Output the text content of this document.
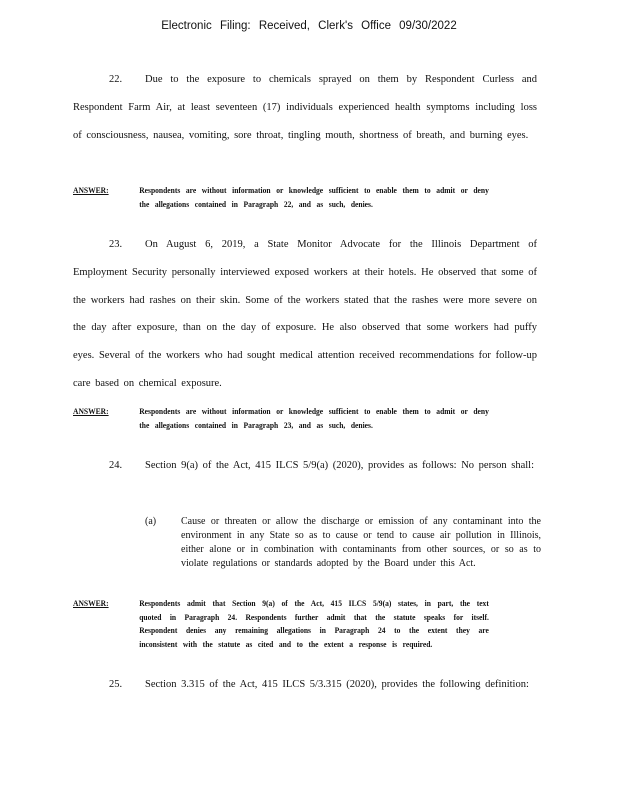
Electronic Filing: Received, Clerk's Office 09/30/2022
22. Due to the exposure to chemicals sprayed on them by Respondent Curless and Respondent Farm Air, at least seventeen (17) individuals experienced health symptoms including loss of consciousness, nausea, vomiting, sore throat, tingling mouth, shortness of breath, and burning eyes.
ANSWER:	Respondents are without information or knowledge sufficient to enable them to admit or deny the allegations contained in Paragraph 22, and as such, denies.
23. On August 6, 2019, a State Monitor Advocate for the Illinois Department of Employment Security personally interviewed exposed workers at their hotels. He observed that some of the workers had rashes on their skin. Some of the workers stated that the rashes were more severe on the day after exposure, than on the day of exposure. He also observed that some workers had puffy eyes. Several of the workers who had sought medical attention received recommendations for follow-up care based on chemical exposure.
ANSWER:	Respondents are without information or knowledge sufficient to enable them to admit or deny the allegations contained in Paragraph 23, and as such, denies.
24. Section 9(a) of the Act, 415 ILCS 5/9(a) (2020), provides as follows: No person shall:
(a) Cause or threaten or allow the discharge or emission of any contaminant into the environment in any State so as to cause or tend to cause air pollution in Illinois, either alone or in combination with contaminants from other sources, or so as to violate regulations or standards adopted by the Board under this Act.
ANSWER:	Respondents admit that Section 9(a) of the Act, 415 ILCS 5/9(a) states, in part, the text quoted in Paragraph 24. Respondents further admit that the statute speaks for itself. Respondent denies any remaining allegations in Paragraph 24 to the extent they are inconsistent with the statute as cited and to the extent a response is required.
25. Section 3.315 of the Act, 415 ILCS 5/3.315 (2020), provides the following definition:
